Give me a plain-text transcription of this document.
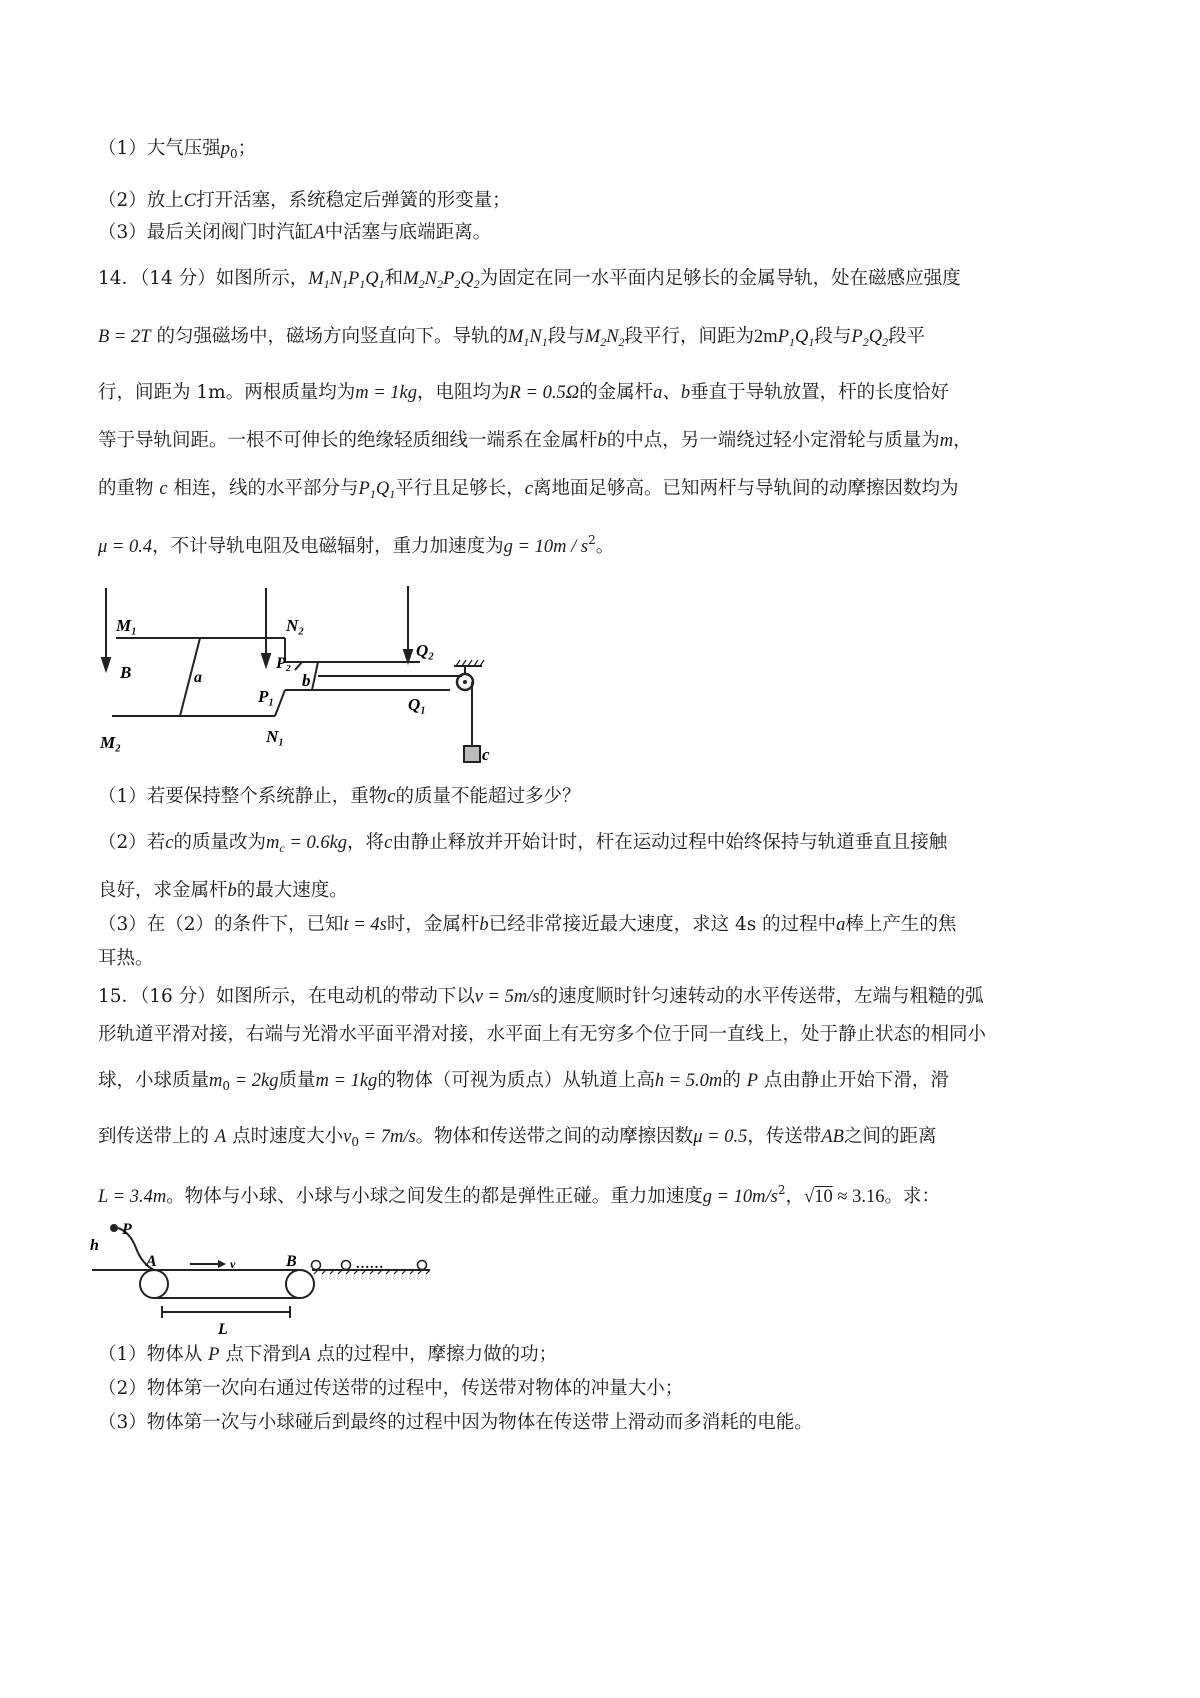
（1）大气压强$p_0$；
（2）放上C打开活塞，系统稳定后弹簧的形变量；
（3）最后关闭阀门时汽缸A中活塞与底端距离。
14．（14 分）如图所示，$M_1N_1P_1Q_1$和$M_2N_2P_2Q_2$为固定在同一水平面内足够长的金属导轨，处在磁感应强度
B = 2T 的匀强磁场中，磁场方向竖直向下。导轨的$M_1N_1$段与$M_2N_2$段平行，间距为$2mP_1Q_1$段与$P_2Q_2$段平
行，间距为 1m。两根质量均为m = 1kg，电阻均为R = 0.5Ω的金属杆a、b垂直于导轨放置，杆的长度恰好
等于导轨间距。一根不可伸长的绝缘轻质细线一端系在金属杆b的中点，另一端绕过轻小定滑轮与质量为m，
的重物 c 相连，线的水平部分与$P_1Q_1$平行且足够长，c离地面足够高。已知两杆与导轨间的动摩擦因数均为
μ = 0.4，不计导轨电阻及电磁辐射，重力加速度为$g = 10m / s^2$。
M₁	N₂
Q₂
B	P₂
a	b
P₁	Q₁
M₂	N₁
c
（1）若要保持整个系统静止，重物c的质量不能超过多少？
（2）若c的质量改为$m_c = 0.6kg$，将c由静止释放并开始计时，杆在运动过程中始终保持与轨道垂直且接触
良好，求金属杆b的最大速度。
（3）在（2）的条件下，已知t = 4s时，金属杆b已经非常接近最大速度，求这 4s 的过程中a棒上产生的焦
耳热。
15．（16 分）如图所示，在电动机的带动下以v = 5m/s的速度顺时针匀速转动的水平传送带，左端与粗糙的弧
形轨道平滑对接，右端与光滑水平面平滑对接，水平面上有无穷多个位于同一直线上，处于静止状态的相同小
球，小球质量$m_0 = 2kg$质量m = 1kg的物体（可视为质点）从轨道上高h = 5.0m的 P 点由静止开始下滑，滑
到传送带上的 A 点时速度大小$v_0 = 7m/s$。物体和传送带之间的动摩擦因数μ = 0.5，传送带AB之间的距离
L = 3.4m。物体与小球、小球与小球之间发生的都是弹性正碰。重力加速度$g = 10m/s^2$，√10 ≈ 3.16。求：
P
h
A	B
v	……
L
（1）物体从 P 点下滑到A 点的过程中，摩擦力做的功；
（2）物体第一次向右通过传送带的过程中，传送带对物体的冲量大小；
（3）物体第一次与小球碰后到最终的过程中因为物体在传送带上滑动而多消耗的电能。
